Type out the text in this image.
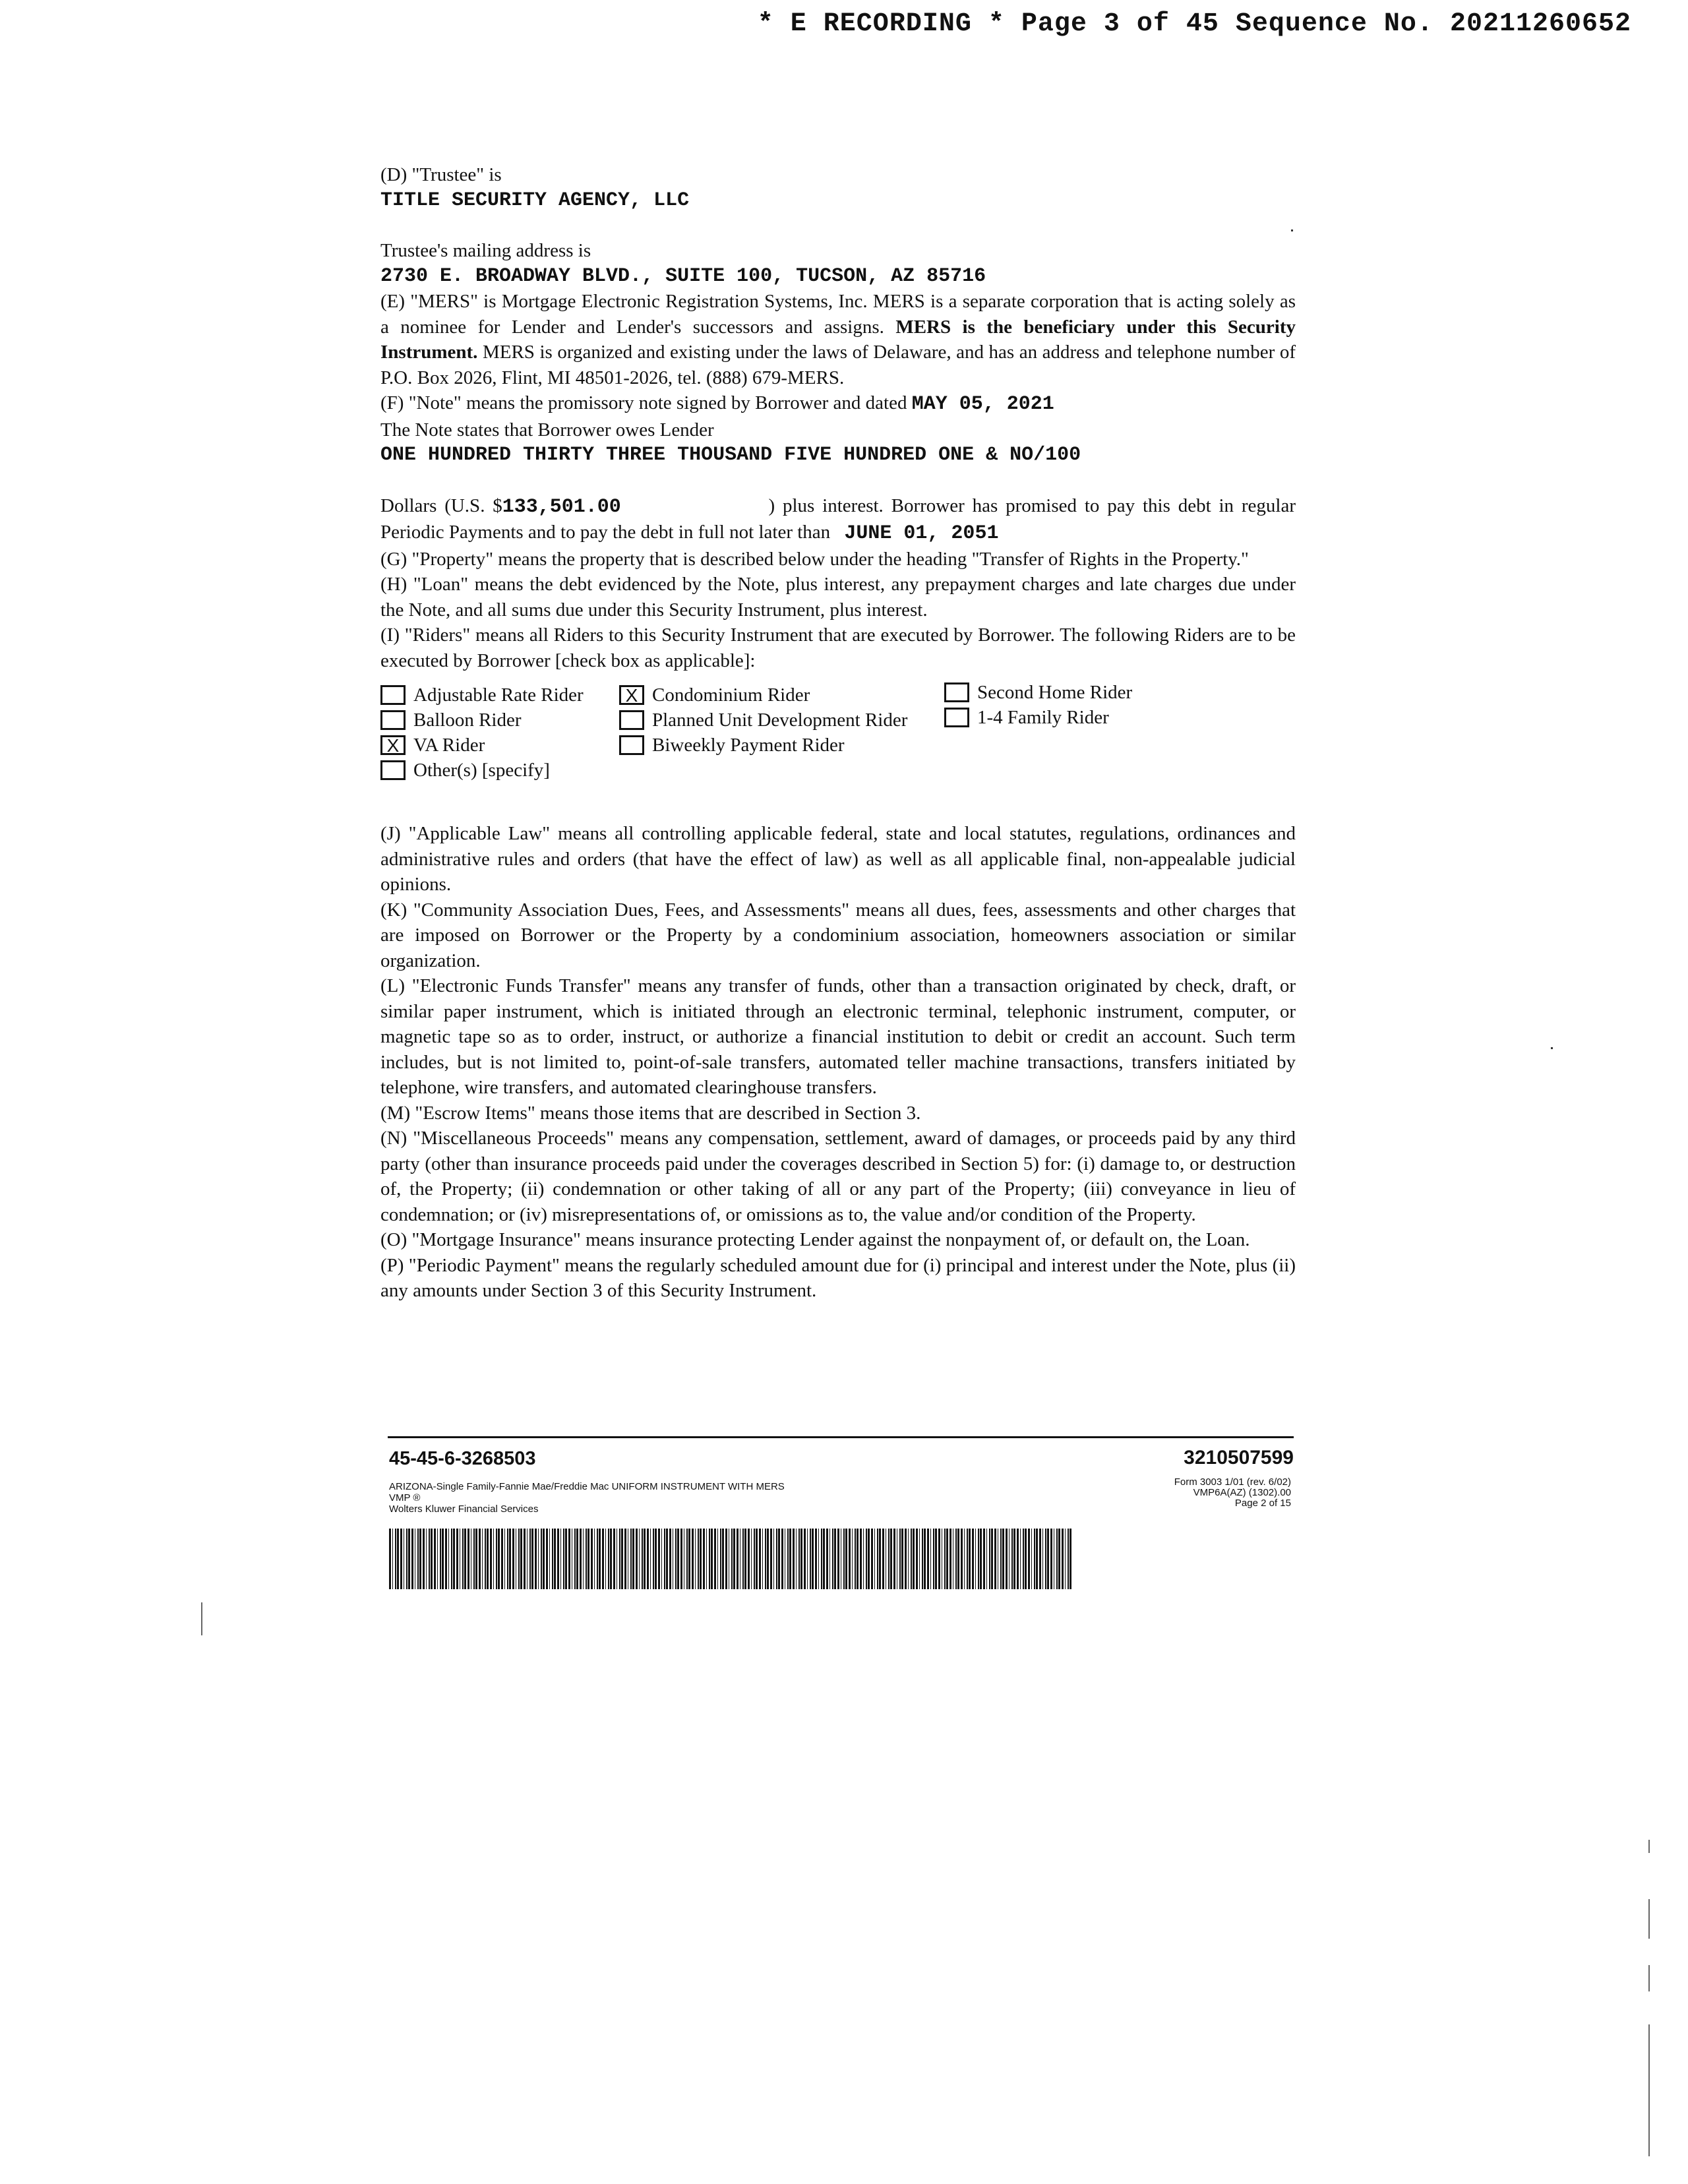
* E RECORDING * Page 3 of 45 Sequence No. 20211260652

(D) "Trustee" is

TITLE SECURITY AGENCY, LLC

Trustee's mailing address is

2730 E. BROADWAY BLVD., SUITE 100, TUCSON, AZ 85716

(E) "MERS" is Mortgage Electronic Registration Systems, Inc. MERS is a separate corporation that is acting solely as a nominee for Lender and Lender's successors and assigns. MERS is the beneficiary under this Security Instrument. MERS is organized and existing under the laws of Delaware, and has an address and telephone number of P.O. Box 2026, Flint, MI 48501-2026, tel. (888) 679-MERS.

(F) "Note" means the promissory note signed by Borrower and dated MAY 05, 2021

The Note states that Borrower owes Lender

ONE HUNDRED THIRTY THREE THOUSAND FIVE HUNDRED ONE & NO/100

Dollars (U.S. $133,501.00	) plus interest. Borrower has promised to pay this debt in regular Periodic Payments and to pay the debt in full not later than JUNE 01, 2051

(G) "Property" means the property that is described below under the heading "Transfer of Rights in the Property."

(H) "Loan" means the debt evidenced by the Note, plus interest, any prepayment charges and late charges due under the Note, and all sums due under this Security Instrument, plus interest.

(I) "Riders" means all Riders to this Security Instrument that are executed by Borrower. The following Riders are to be executed by Borrower [check box as applicable]:

Adjustable Rate Rider
Balloon Rider
X VA Rider
Other(s) [specify]
X Condominium Rider
Planned Unit Development Rider
Biweekly Payment Rider
Second Home Rider
1-4 Family Rider

(J) "Applicable Law" means all controlling applicable federal, state and local statutes, regulations, ordinances and administrative rules and orders (that have the effect of law) as well as all applicable final, non-appealable judicial opinions.

(K) "Community Association Dues, Fees, and Assessments" means all dues, fees, assessments and other charges that are imposed on Borrower or the Property by a condominium association, homeowners association or similar organization.

(L) "Electronic Funds Transfer" means any transfer of funds, other than a transaction originated by check, draft, or similar paper instrument, which is initiated through an electronic terminal, telephonic instrument, computer, or magnetic tape so as to order, instruct, or authorize a financial institution to debit or credit an account. Such term includes, but is not limited to, point-of-sale transfers, automated teller machine transactions, transfers initiated by telephone, wire transfers, and automated clearinghouse transfers.

(M) "Escrow Items" means those items that are described in Section 3.

(N) "Miscellaneous Proceeds" means any compensation, settlement, award of damages, or proceeds paid by any third party (other than insurance proceeds paid under the coverages described in Section 5) for: (i) damage to, or destruction of, the Property; (ii) condemnation or other taking of all or any part of the Property; (iii) conveyance in lieu of condemnation; or (iv) misrepresentations of, or omissions as to, the value and/or condition of the Property.

(O) "Mortgage Insurance" means insurance protecting Lender against the nonpayment of, or default on, the Loan.

(P) "Periodic Payment" means the regularly scheduled amount due for (i) principal and interest under the Note, plus (ii) any amounts under Section 3 of this Security Instrument.

45-45-6-3268503	3210507599
ARIZONA-Single Family-Fannie Mae/Freddie Mac UNIFORM INSTRUMENT WITH MERS
VMP ®
Wolters Kluwer Financial Services
Form 3003 1/01 (rev. 6/02)
VMP6A(AZ) (1302).00
Page 2 of 15
